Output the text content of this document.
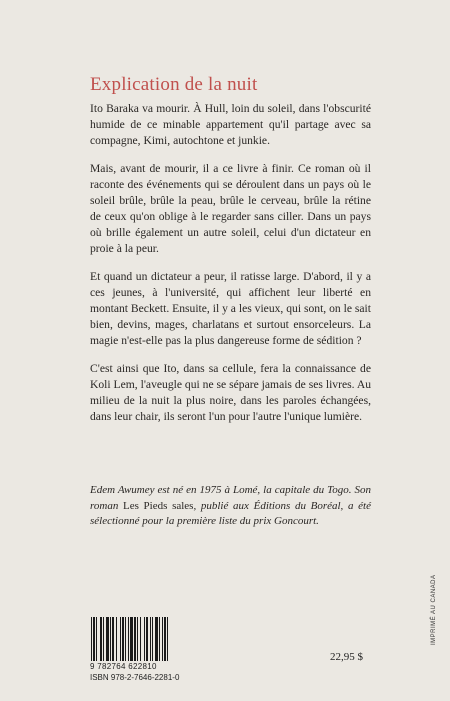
Explication de la nuit

Ito Baraka va mourir. À Hull, loin du soleil, dans l'obscurité humide de ce minable appartement qu'il partage avec sa compagne, Kimi, autochtone et junkie.

Mais, avant de mourir, il a ce livre à finir. Ce roman où il raconte des événements qui se déroulent dans un pays où le soleil brûle, brûle la peau, brûle le cerveau, brûle la rétine de ceux qu'on oblige à le regarder sans ciller. Dans un pays où brille également un autre soleil, celui d'un dictateur en proie à la peur.

Et quand un dictateur a peur, il ratisse large. D'abord, il y a ces jeunes, à l'université, qui affichent leur liberté en montant Beckett. Ensuite, il y a les vieux, qui sont, on le sait bien, devins, mages, charlatans et surtout ensorceleurs. La magie n'est-elle pas la plus dangereuse forme de sédition ?

C'est ainsi que Ito, dans sa cellule, fera la connaissance de Koli Lem, l'aveugle qui ne se sépare jamais de ses livres. Au milieu de la nuit la plus noire, dans les paroles échangées, dans leur chair, ils seront l'un pour l'autre l'unique lumière.

Edem Awumey est né en 1975 à Lomé, la capitale du Togo. Son roman Les Pieds sales, publié aux Éditions du Boréal, a été sélectionné pour la première liste du prix Goncourt.
9 782764 622810
ISBN 978-2-7646-2281-0
22,95 $
IMPRIMÉ AU CANADA
